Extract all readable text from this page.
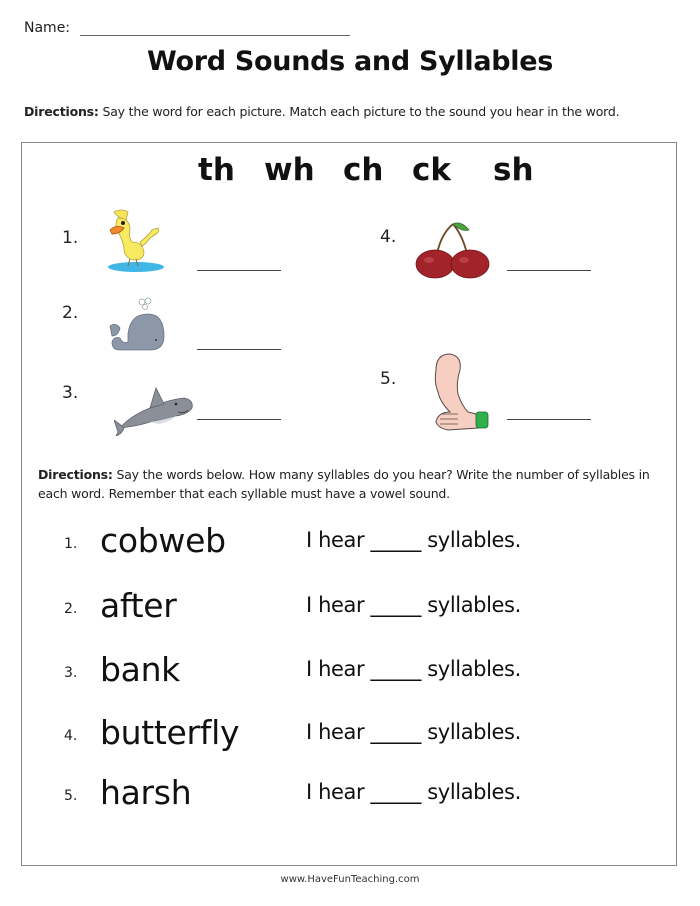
Name:
Word Sounds and Syllables
Directions: Say the word for each picture. Match each picture to the sound you hear in the word.
th wh ch ck sh
1.
2.
3.
4.
5.
Directions: Say the words below. How many syllables do you hear? Write the number of syllables in each word. Remember that each syllable must have a vowel sound.
1. cobweb	I hear _____ syllables.
2. after	I hear _____ syllables.
3. bank	I hear _____ syllables.
4. butterfly	I hear _____ syllables.
5. harsh	I hear _____ syllables.
www.HaveFunTeaching.com
